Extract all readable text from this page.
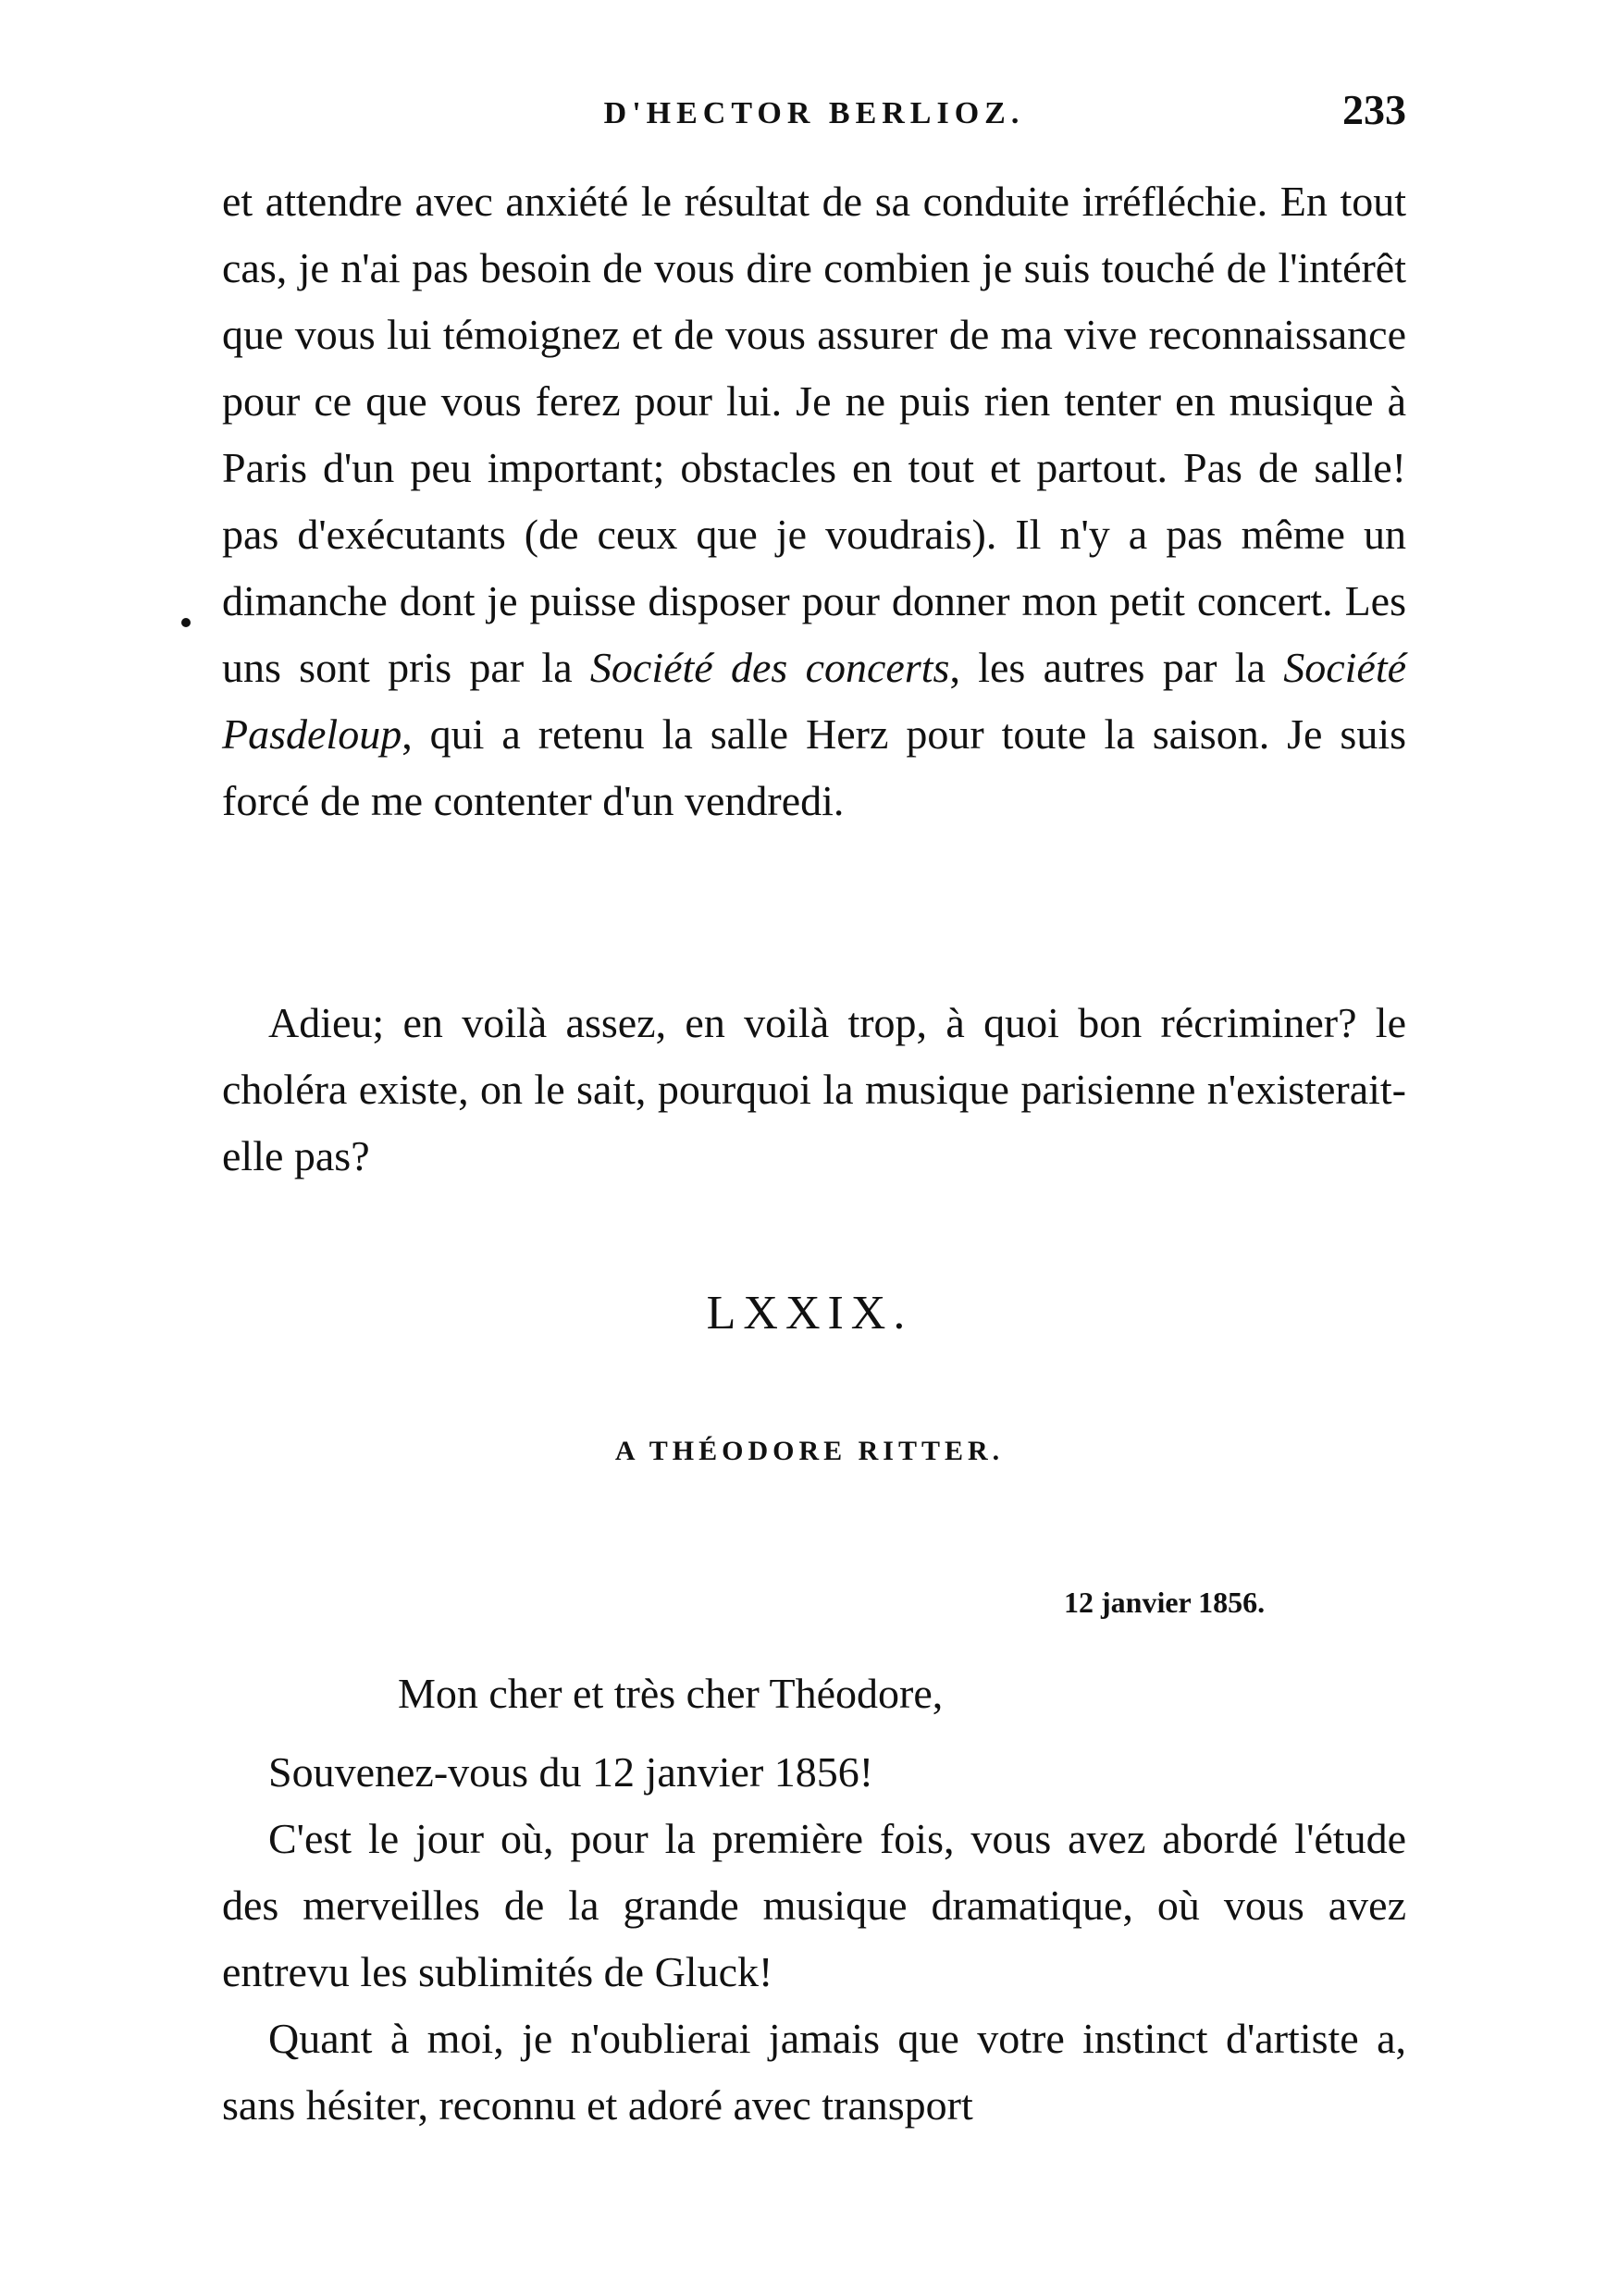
D'HECTOR BERLIOZ.	233

et attendre avec anxiété le résultat de sa conduite irréfléchie. En tout cas, je n'ai pas besoin de vous dire combien je suis touché de l'intérêt que vous lui témoignez et de vous assurer de ma vive reconnaissance pour ce que vous ferez pour lui. Je ne puis rien tenter en musique à Paris d'un peu important; obstacles en tout et partout. Pas de salle! pas d'exécutants (de ceux que je voudrais). Il n'y a pas même un dimanche dont je puisse disposer pour donner mon petit concert. Les uns sont pris par la Société des concerts, les autres par la Société Pasdeloup, qui a retenu la salle Herz pour toute la saison. Je suis forcé de me contenter d'un vendredi.

Adieu; en voilà assez, en voilà trop, à quoi bon récriminer? le choléra existe, on le sait, pourquoi la musique parisienne n'existerait-elle pas?

LXXIX.
A THÉODORE RITTER.
12 janvier 1856.
Mon cher et très cher Théodore,

Souvenez-vous du 12 janvier 1856!

C'est le jour où, pour la première fois, vous avez abordé l'étude des merveilles de la grande musique dramatique, où vous avez entrevu les sublimités de Gluck!

Quant à moi, je n'oublierai jamais que votre instinct d'artiste a, sans hésiter, reconnu et adoré avec transport
